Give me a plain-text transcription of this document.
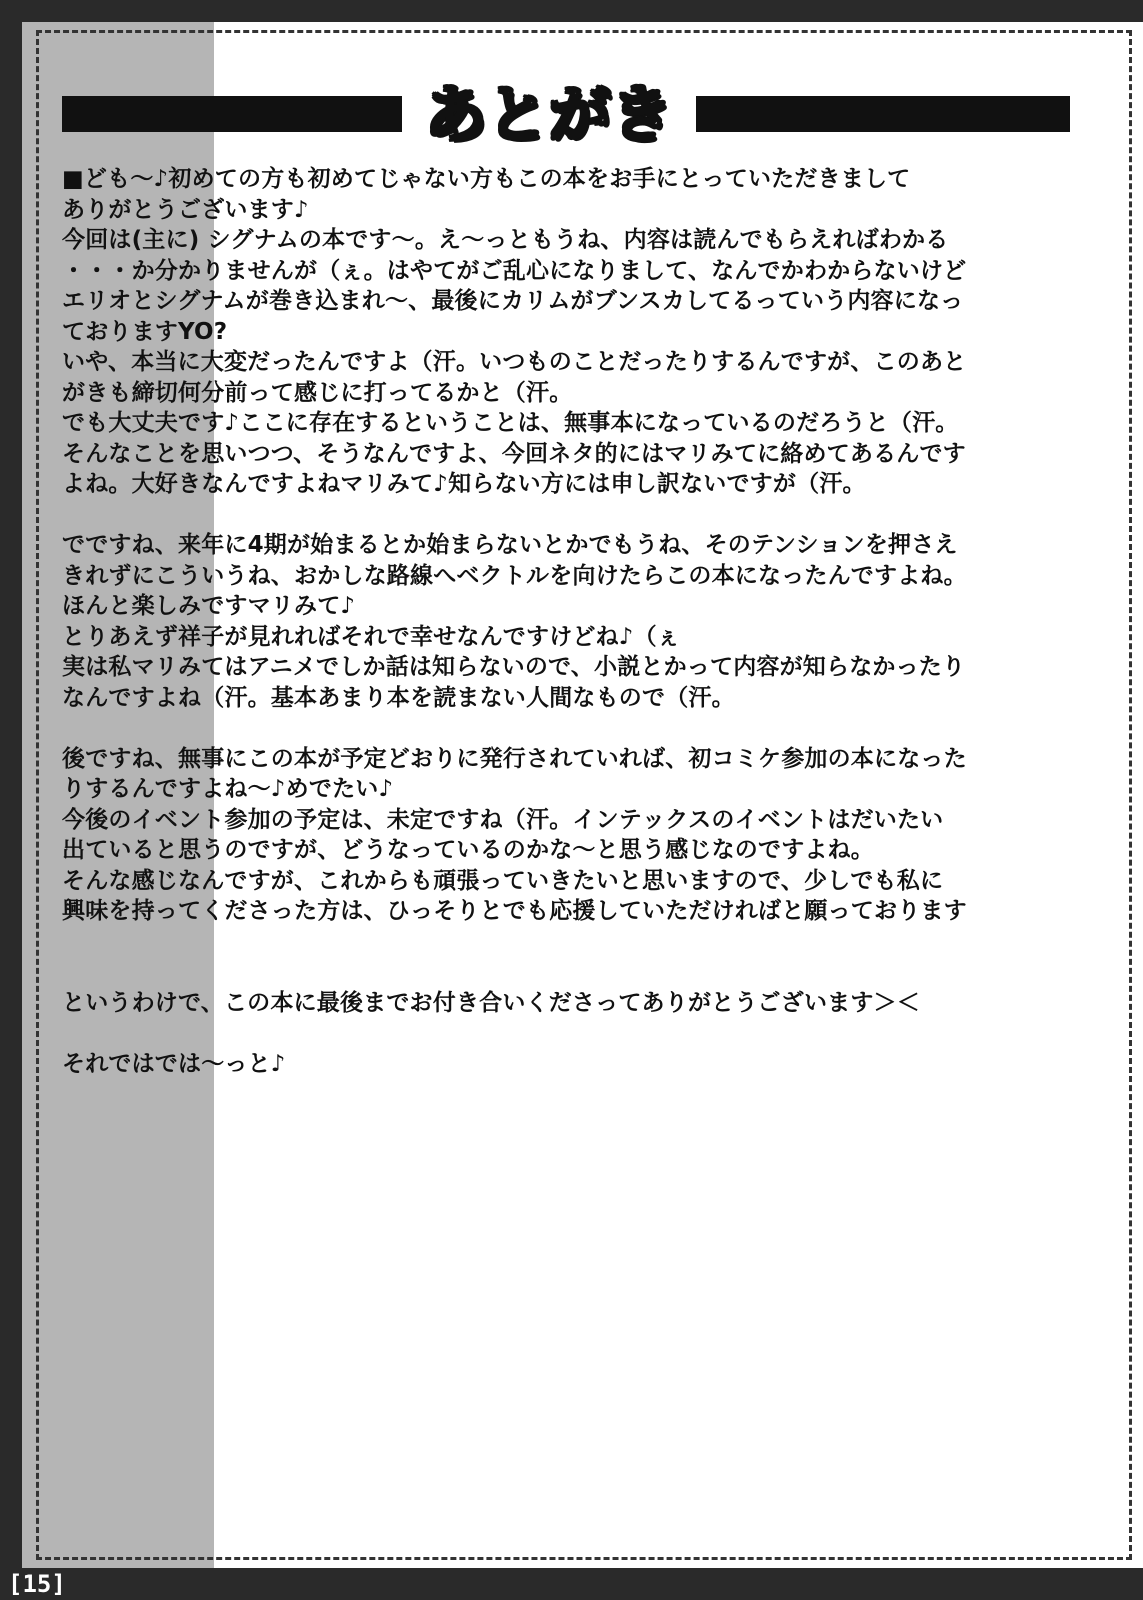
あとがき
■ども～♪初めての方も初めてじゃない方もこの本をお手にとっていただきまして
ありがとうございます♪
今回は(主に) シグナムの本です～。え～っともうね、内容は読んでもらえればわかる
・・・か分かりませんが（ぇ。はやてがご乱心になりまして、なんでかわからないけど
エリオとシグナムが巻き込まれ～、最後にカリムがブンスカしてるっていう内容になっ
ておりますYO?
いや、本当に大変だったんですよ（汗。いつものことだったりするんですが、このあと
がきも締切何分前って感じに打ってるかと（汗。
でも大丈夫です♪ここに存在するということは、無事本になっているのだろうと（汗。
そんなことを思いつつ、そうなんですよ、今回ネタ的にはマリみてに絡めてあるんです
よね。大好きなんですよねマリみて♪知らない方には申し訳ないですが（汗。
でですね、来年に4期が始まるとか始まらないとかでもうね、そのテンションを押さえ
きれずにこういうね、おかしな路線へベクトルを向けたらこの本になったんですよね。
ほんと楽しみですマリみて♪
とりあえず祥子が見れればそれで幸せなんですけどね♪（ぇ
実は私マリみてはアニメでしか話は知らないので、小説とかって内容が知らなかったり
なんですよね（汗。基本あまり本を読まない人間なもので（汗。
後ですね、無事にこの本が予定どおりに発行されていれば、初コミケ参加の本になった
りするんですよね～♪めでたい♪
今後のイベント参加の予定は、未定ですね（汗。インテックスのイベントはだいたい
出ていると思うのですが、どうなっているのかな～と思う感じなのですよね。
そんな感じなんですが、これからも頑張っていきたいと思いますので、少しでも私に
興味を持ってくださった方は、ひっそりとでも応援していただければと願っております
というわけで、この本に最後までお付き合いくださってありがとうございます＞＜
それではでは～っと♪
[15]
